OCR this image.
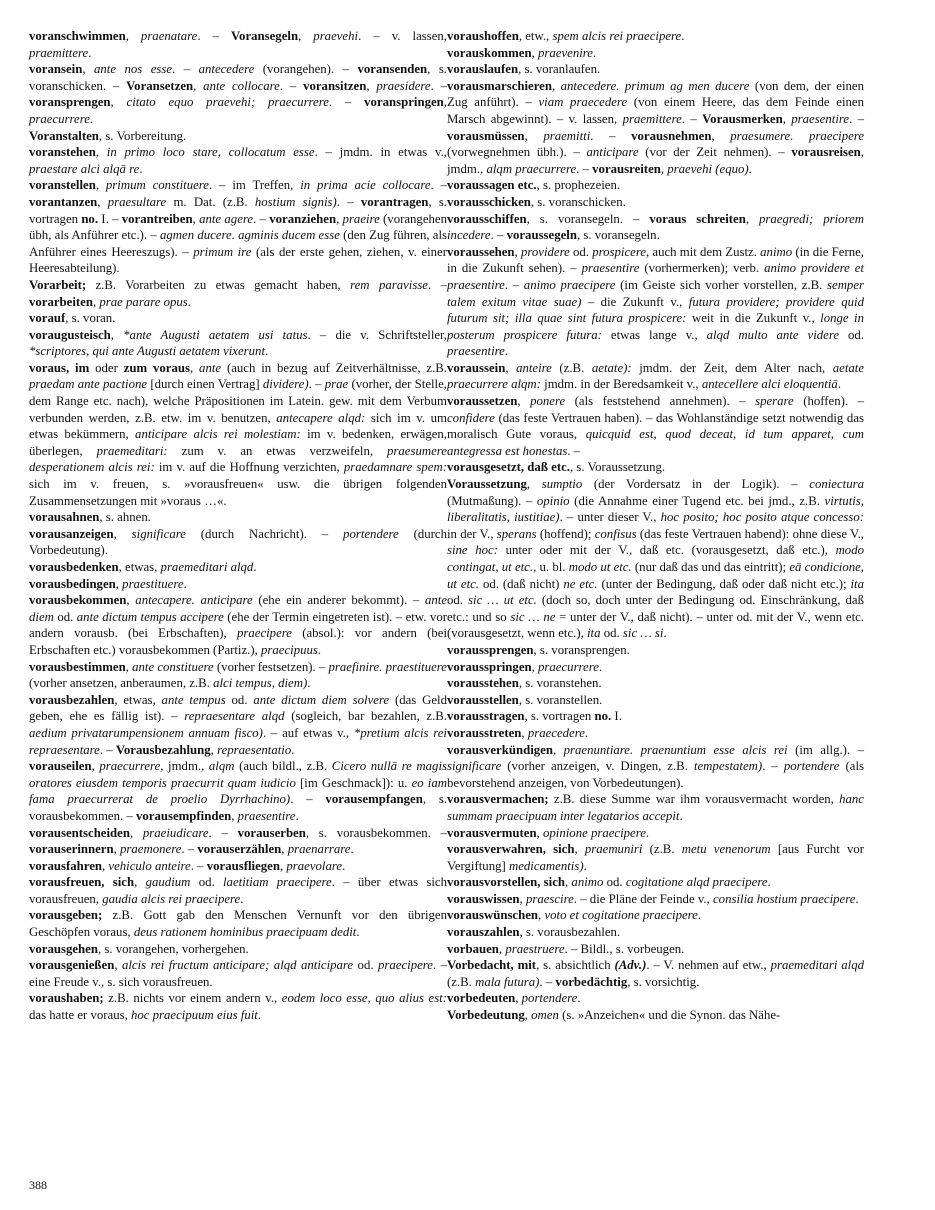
voranschwimmen, praenatare. – Voransegeln, praevehi. – v. lassen, praemittere.

voransein, ante nos esse. – antecedere (vorangehen). – voransenden, s. voranschicken. – Voransetzen, ante collocare. – voransitzen, praesidere. – voransprengen, citato equo praevehi; praecurrere. – voranspringen, praecurrere.

Voranstalten, s. Vorbereitung.

voranstehen, in primo loco stare, collocatum esse. – jmdm. in etwas v., praestare alci alqā re.

voranstellen, primum constituere. – im Treffen, in prima acie collocare. – vorantanzen, praesultare m. Dat. (z.B. hostium signis). – vorantragen, s. vortragen no. I. – vorantreiben, ante agere. – voranziehen, praeire (vorangehen übh, als Anführer etc.). – agmen ducere. agminis ducem esse (den Zug führen, als Anführer eines Heereszugs). – primum ire (als der erste gehen, ziehen, v. einer Heeresabteilung).

Vorarbeit; z.B. Vorarbeiten zu etwas gemacht haben, rem paravisse. – vorarbeiten, prae parare opus.

vorauf, s. voran.

voraugusteisch, *ante Augusti aetatem usi tatus. – die v. Schriftsteller, *scriptores, qui ante Augusti aetatem vixerunt.

voraus, im oder zum voraus, ante (auch in bezug auf Zeitverhältnisse, z.B. praedam ante pactione [durch einen Vertrag] dividere). – prae (vorher, der Stelle, dem Range etc. nach), welche Präpositionen im Latein. gew. mit dem Verbum verbunden werden, z.B. etw. im v. benutzen, antecapere alqd: sich im v. um etwas bekümmern, anticipare alcis rei molestiam: im v. bedenken, erwägen, überlegen, praemeditari: zum v. an etwas verzweifeln, praesumere desperationem alcis rei: im v. auf die Hoffnung verzichten, praedamnare spem: sich im v. freuen, s. »vorausfreuen« usw. die übrigen folgenden Zusammensetzungen mit »voraus …«.

vorausahnen, s. ahnen.

vorausanzeigen, significare (durch Nachricht). – portendere (durch Vorbedeutung).

vorausbedenken, etwas, praemeditari alqd.

vorausbedingen, praestituere.

vorausbekommen, antecapere. anticipare (ehe ein anderer bekommt). – ante diem od. ante dictum tempus accipere (ehe der Termin eingetreten ist). – etw. vor andern vorausb. (bei Erbschaften), praecipere (absol.): vor andern (bei Erbschaften etc.) vorausbekommen (Partiz.), praecipuus.

vorausbestimmen, ante constituere (vorher festsetzen). – praefinire. praestituere (vorher ansetzen, anberaumen, z.B. alci tempus, diem).

vorausbezahlen, etwas, ante tempus od. ante dictum diem solvere (das Geld geben, ehe es fällig ist). – repraesentare alqd (sogleich, bar bezahlen, z.B. aedium privatarumpensionem annuam fisco). – auf etwas v., *pretium alcis rei repraesentare. – Vorausbezahlung, repraesentatio.

vorauseilen, praecurrere, jmdm., alqm (auch bildl., z.B. Cicero nullā re magis oratores eiusdem temporis praecurrit quam iudicio [im Geschmack]): u. eo iam fama praecurrerat de proelio Dyrrhachino). – vorausempfangen, s. vorausbekommen. – vorausempfinden, praesentire.

vorausentscheiden, praeiudicare. – vorauserben, s. vorausbekommen. – vorauserinnern, praemonere. – vorauserzählen, praenarrare.

vorausfahren, vehiculo anteire. – vorausfliegen, praevolare.

vorausfreuen, sich, gaudium od. laetitiam praecipere. – über etwas sich vorausfreuen, gaudia alcis rei praecipere.

vorausgeben; z.B. Gott gab den Menschen Vernunft vor den übrigen Geschöpfen voraus, deus rationem hominibus praecipuam dedit.

vorausgehen, s. vorangehen, vorhergehen.

vorausgenießen, alcis rei fructum anticipare; alqd anticipare od. praecipere. – eine Freude v., s. sich vorausfreuen.

voraushaben; z.B. nichts vor einem andern v., eodem loco esse, quo alius est: das hatte er voraus, hoc praecipuum eius fuit.

voraushoffen, etw., spem alcis rei praecipere.

vorauskommen, praevenire.

vorauslaufen, s. voranlaufen.

vorausmarschieren, antecedere. primum ag men ducere (von dem, der einen Zug anführt). – viam praecedere (von einem Heere, das dem Feinde einen Marsch abgewinnt). – v. lassen, praemittere. – Vorausmerken, praesentire. – vorausmüssen, praemitti. – vorausnehmen, praesumere. praecipere (vorwegnehmen übh.). – anticipare (vor der Zeit nehmen). – vorausreisen, jmdm., alqm praecurrere. – vorausreiten, praevehi (equo).

voraussagen etc., s. prophezeien.

vorausschicken, s. voranschicken.

vorausschiffen, s. voransegeln. – voraus schreiten, praegredi; priorem incedere. – voraussegeln, s. voransegeln.

voraussehen, providere od. prospicere, auch mit dem Zustz. animo (in die Ferne, in die Zukunft sehen). – praesentire (vorhermerken); verb. animo providere et praesentire. – animo praecipere (im Geiste sich vorher vorstellen, z.B. semper talem exitum vitae suae) – die Zukunft v., futura providere; providere quid futurum sit; illa quae sint futura prospicere: weit in die Zukunft v., longe in posterum prospicere futura: etwas lange v., alqd multo ante videre od. praesentire.

voraussein, anteire (z.B. aetate): jmdm. der Zeit, dem Alter nach, aetate praecurrere alqm: jmdm. in der Beredsamkeit v., antecellere alci eloquentiā.

voraussetzen, ponere (als feststehend annehmen). – sperare (hoffen). – confidere (das feste Vertrauen haben). – das Wohlanständige setzt notwendig das moralisch Gute voraus, quicquid est, quod deceat, id tum apparet, cum antegressa est honestas. –

vorausgesetzt, daß etc., s. Voraussetzung.

Voraussetzung, sumptio (der Vordersatz in der Logik). – coniectura (Mutmaßung). – opinio (die Annahme einer Tugend etc. bei jmd., z.B. virtutis, liberalitatis, iustitiae). – unter dieser V., hoc posito; hoc posito atque concesso: in der V., sperans (hoffend); confisus (das feste Vertrauen habend): ohne diese V., sine hoc: unter oder mit der V., daß etc. (vorausgesetzt, daß etc.), modo contingat, ut etc., u. bl. modo ut etc. (nur daß das und das eintritt); eā condicione, ut etc. od. (daß nicht) ne etc. (unter der Bedingung, daß oder daß nicht etc.); ita od. sic … ut etc. (doch so, doch unter der Bedingung od. Einschränkung, daß etc.: und so sic … ne = unter der V., daß nicht). – unter od. mit der V., wenn etc. (vorausgesetzt, wenn etc.), ita od. sic … si.

voraussprengen, s. voransprengen.

vorausspringen, praecurrere.

vorausstehen, s. voranstehen.

vorausstellen, s. voranstellen.

vorausstragen, s. vortragen no. I.

vorausstreten, praecedere.

vorausverkündigen, praenuntiare. praenuntium esse alcis rei (im allg.). – significare (vorher anzeigen, v. Dingen, z.B. tempestatem). – portendere (als bevorstehend anzeigen, von Vorbedeutungen).

vorausvermachen; z.B. diese Summe war ihm vorausvermacht worden, hanc summam praecipuam inter legatarios accepit.

vorausvermuten, opinione praecipere.

vorausverwahren, sich, praemuniri (z.B. metu venenorum [aus Furcht vor Vergiftung] medicamentis).

vorausvorstellen, sich, animo od. cogitatione alqd praecipere.

vorauswissen, praescire. – die Pläne der Feinde v., consilia hostium praecipere.

vorauswünschen, voto et cogitatione praecipere.

vorauszahlen, s. vorausbezahlen.

vorbauen, praestruere. – Bildl., s. vorbeugen.

Vorbedacht, mit, s. absichtlich (Adv.). – V. nehmen auf etw., praemeditari alqd (z.B. mala futura). – vorbedächtig, s. vorsichtig.

vorbedeuten, portendere.

Vorbedeutung, omen (s. »Anzeichen« und die Synon. das Nähe-

388
